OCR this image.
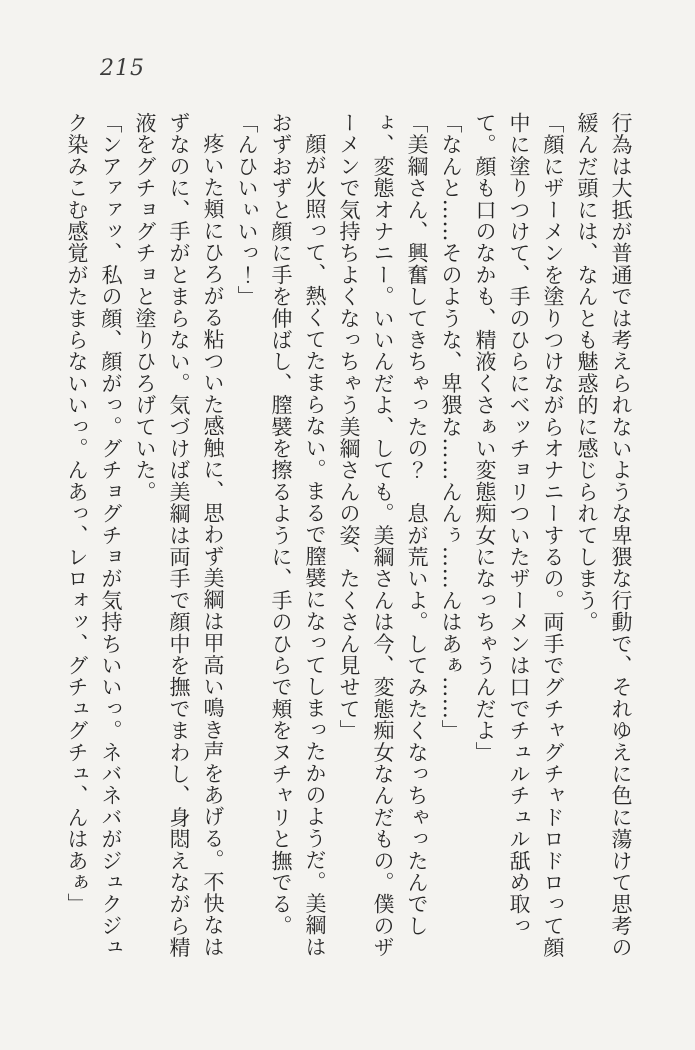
215

行為は大抵が普通では考えられないような卑猥な行動で、それゆえに色に蕩けて思考の緩んだ頭には、なんとも魅惑的に感じられてしまう。

「顔にザーメンを塗りつけながらオナニーするの。両手でグチャグチャドロドロって顔中に塗りつけて、手のひらにベッチョリついたザーメンは口でチュルチュル舐め取って。顔も口のなかも、精液くさぁい変態痴女になっちゃうんだよ」

「なんと……そのような、卑猥な……んんぅ……んはあぁ……」

「美綱さん、興奮してきちゃったの？　息が荒いよ。してみたくなっちゃったんでしょ、変態オナニー。いいんだよ、しても。美綱さんは今、変態痴女なんだもの。僕のザーメンで気持ちよくなっちゃう美綱さんの姿、たくさん見せて」

顔が火照って、熱くてたまらない。まるで膣襞になってしまったかのようだ。美綱はおずおずと顔に手を伸ばし、膣襞を擦るように、手のひらで頬をヌチャリと撫でる。

「んひいぃいっ！」

疼いた頬にひろがる粘ついた感触に、思わず美綱は甲高い鳴き声をあげる。不快なはずなのに、手がとまらない。気づけば美綱は両手で顔中を撫でまわし、身悶えながら精液をグチョグチョと塗りひろげていた。

「ンアァァッ、私の顔、顔がっ。グチョグチョが気持ちいいっ。ネバネバがジュクジュク染みこむ感覚がたまらないいっ。んあっ、レロォッ、グチュグチュ、んはあぁ」
